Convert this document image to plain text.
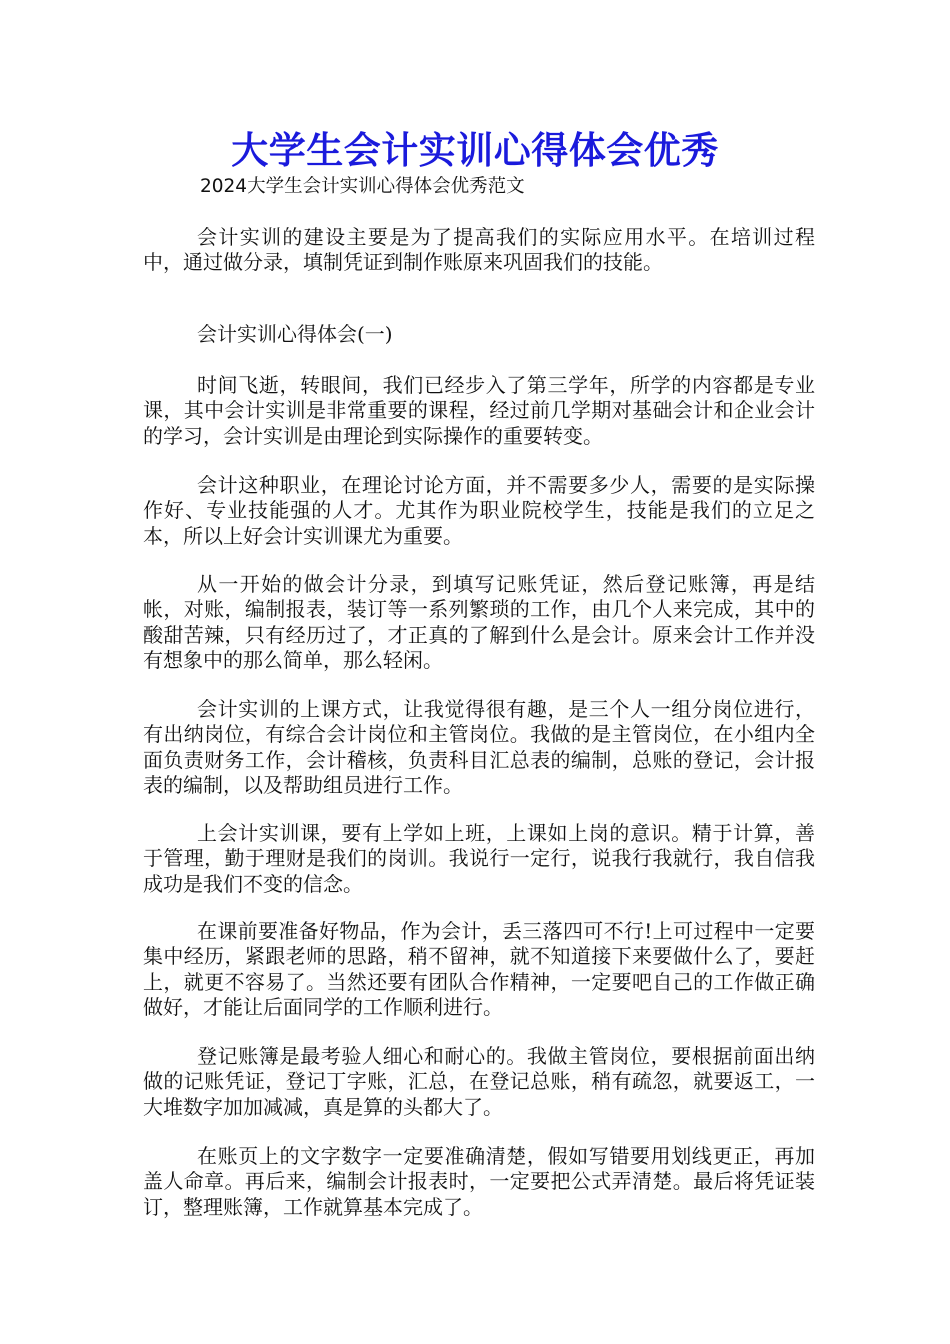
大学生会计实训心得体会优秀

2024大学生会计实训心得体会优秀范文

会计实训的建设主要是为了提高我们的实际应用水平。在培训过程中，通过做分录，填制凭证到制作账原来巩固我们的技能。

会计实训心得体会(一)

时间飞逝，转眼间，我们已经步入了第三学年，所学的内容都是专业课，其中会计实训是非常重要的课程，经过前几学期对基础会计和企业会计的学习，会计实训是由理论到实际操作的重要转变。

会计这种职业，在理论讨论方面，并不需要多少人，需要的是实际操作好、专业技能强的人才。尤其作为职业院校学生，技能是我们的立足之本，所以上好会计实训课尤为重要。

从一开始的做会计分录，到填写记账凭证，然后登记账簿，再是结帐，对账，编制报表，装订等一系列繁琐的工作，由几个人来完成，其中的酸甜苦辣，只有经历过了，才正真的了解到什么是会计。原来会计工作并没有想象中的那么简单，那么轻闲。

会计实训的上课方式，让我觉得很有趣，是三个人一组分岗位进行，有出纳岗位，有综合会计岗位和主管岗位。我做的是主管岗位，在小组内全面负责财务工作，会计稽核，负责科目汇总表的编制，总账的登记，会计报表的编制，以及帮助组员进行工作。

上会计实训课，要有上学如上班，上课如上岗的意识。精于计算，善于管理，勤于理财是我们的岗训。我说行一定行，说我行我就行，我自信我成功是我们不变的信念。

在课前要准备好物品，作为会计，丢三落四可不行!上可过程中一定要集中经历，紧跟老师的思路，稍不留神，就不知道接下来要做什么了，要赶上，就更不容易了。当然还要有团队合作精神，一定要吧自己的工作做正确做好，才能让后面同学的工作顺利进行。

登记账簿是最考验人细心和耐心的。我做主管岗位，要根据前面出纳做的记账凭证，登记丁字账，汇总，在登记总账，稍有疏忽，就要返工，一大堆数字加加减减，真是算的头都大了。

在账页上的文字数字一定要准确清楚，假如写错要用划线更正，再加盖人命章。再后来，编制会计报表时，一定要把公式弄清楚。最后将凭证装订，整理账簿，工作就算基本完成了。
